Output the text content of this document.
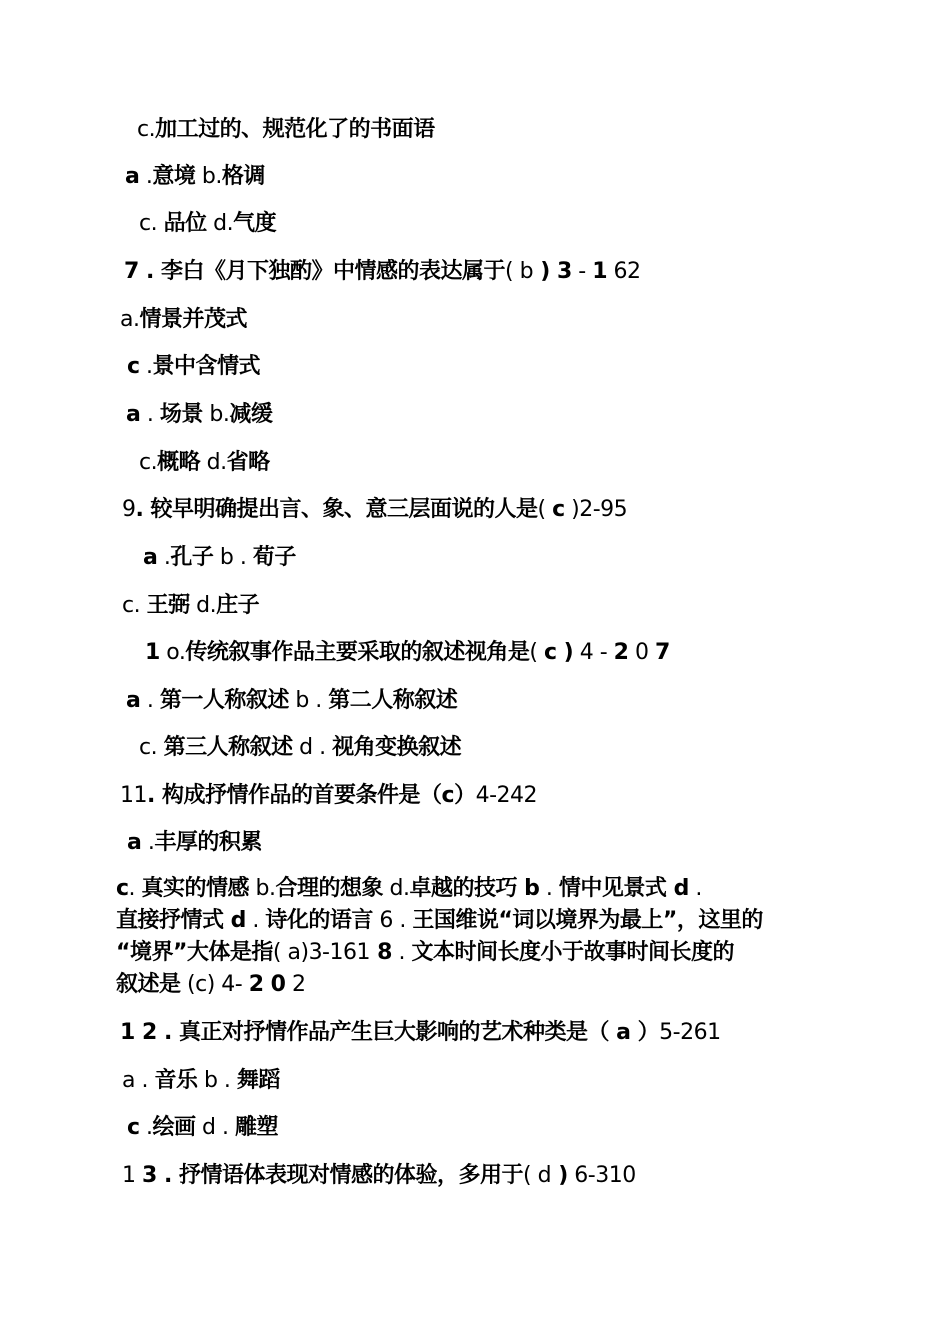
c.加工过的、规范化了的书面语
a .意境 b.格调
c. 品位 d.气度
7 . 李白《月下独酌》中情感的表达属于( b ) 3 - 1 62
a.情景并茂式
c .景中含情式
a . 场景 b.减缓
c.概略 d.省略
9. 较早明确提出言、象、意三层面说的人是( c )2-95
a .孔子 b . 荀子
c. 王弼 d.庄子
1 o.传统叙事作品主要采取的叙述视角是( c ) 4 - 2 0 7
a . 第一人称叙述 b . 第二人称叙述
c. 第三人称叙述 d . 视角变换叙述
11. 构成抒情作品的首要条件是（c）4-242
a .丰厚的积累
c. 真实的情感 b.合理的想象 d.卓越的技巧 b . 情中见景式 d .
直接抒情式 d . 诗化的语言 6 . 王国维说“词以境界为最上”，这里的
“境界”大体是指( a)3-161 8 . 文本时间长度小于故事时间长度的
叙述是 (c) 4- 2 0 2
1 2 . 真正对抒情作品产生巨大影响的艺术种类是（ a ）5-261
a . 音乐 b . 舞蹈
c .绘画 d . 雕塑
1 3 . 抒情语体表现对情感的体验，多用于( d ) 6-310
